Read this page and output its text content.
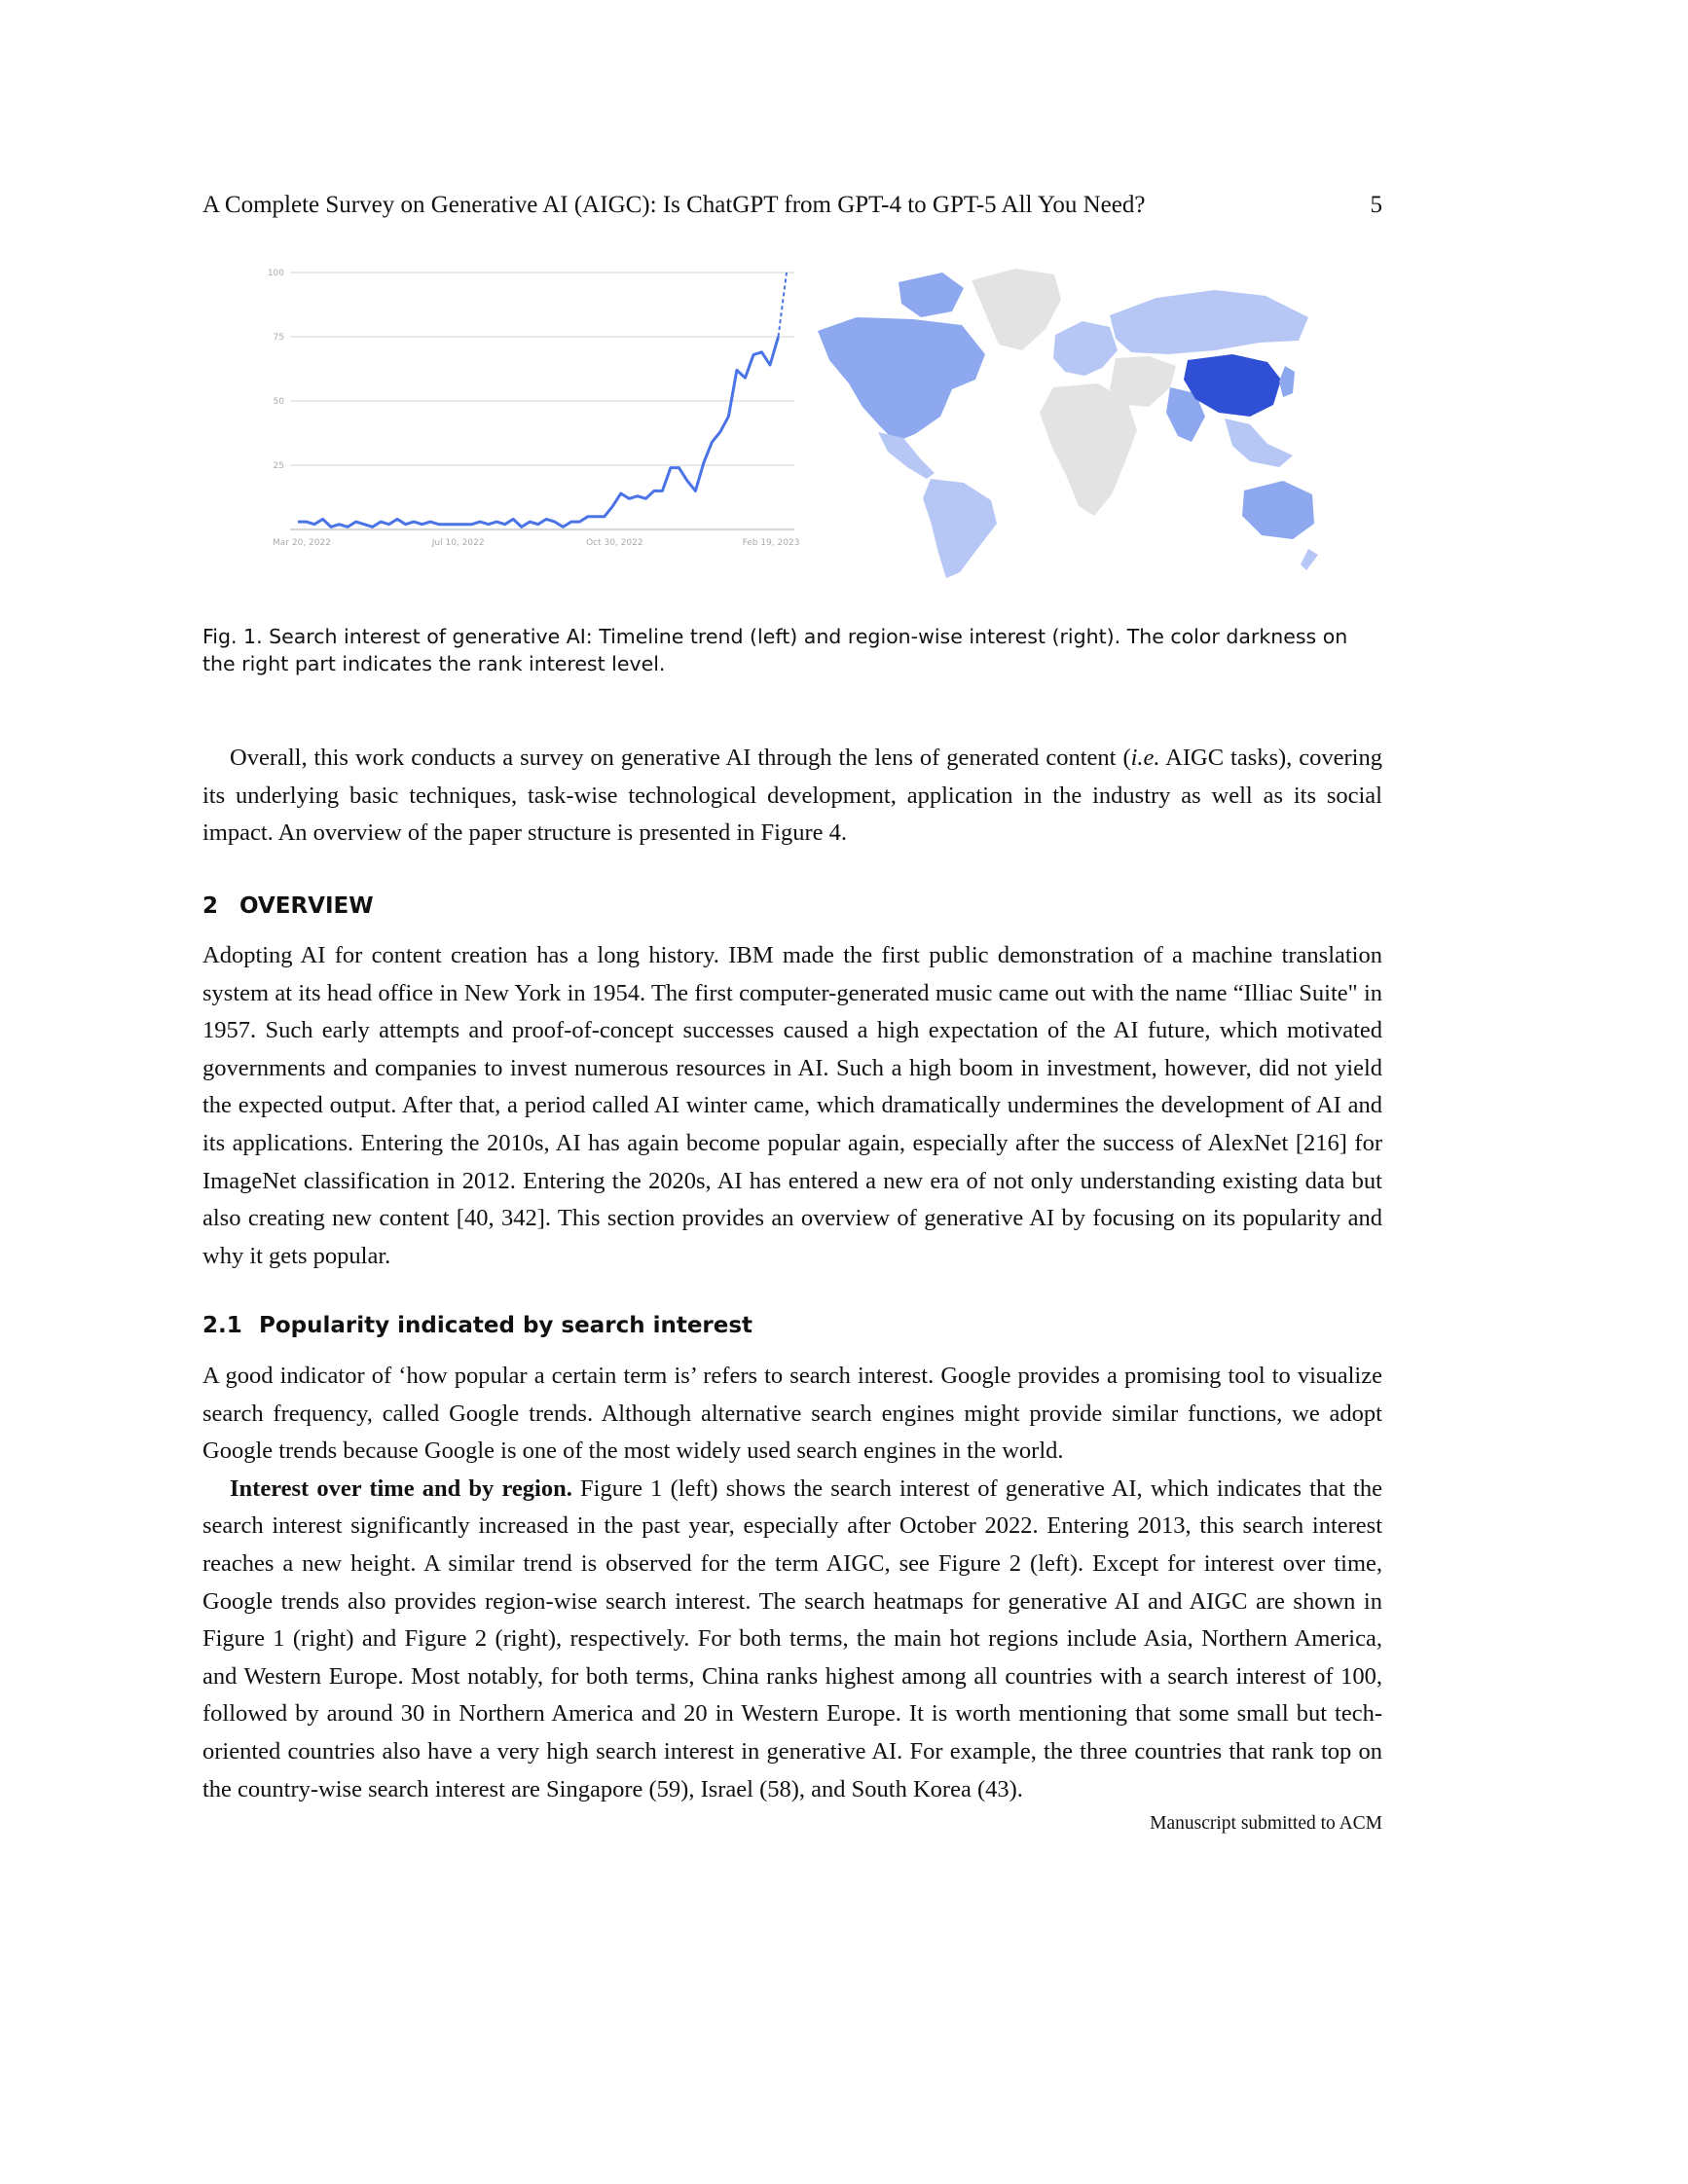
A Complete Survey on Generative AI (AIGC): Is ChatGPT from GPT-4 to GPT-5 All You Need?	5
100
75
50
25
Mar 20, 2022	Jul 10, 2022	Oct 30, 2022	Feb 19, 2023
Fig. 1. Search interest of generative AI: Timeline trend (left) and region-wise interest (right). The color darkness on the right part indicates the rank interest level.

Overall, this work conducts a survey on generative AI through the lens of generated content (i.e. AIGC tasks), covering its underlying basic techniques, task-wise technological development, application in the industry as well as its social impact. An overview of the paper structure is presented in Figure 4.

2 OVERVIEW

Adopting AI for content creation has a long history. IBM made the first public demonstration of a machine translation system at its head office in New York in 1954. The first computer-generated music came out with the name “Illiac Suite" in 1957. Such early attempts and proof-of-concept successes caused a high expectation of the AI future, which motivated governments and companies to invest numerous resources in AI. Such a high boom in investment, however, did not yield the expected output. After that, a period called AI winter came, which dramatically undermines the development of AI and its applications. Entering the 2010s, AI has again become popular again, especially after the success of AlexNet [216] for ImageNet classification in 2012. Entering the 2020s, AI has entered a new era of not only understanding existing data but also creating new content [40, 342]. This section provides an overview of generative AI by focusing on its popularity and why it gets popular.

2.1 Popularity indicated by search interest

A good indicator of ‘how popular a certain term is’ refers to search interest. Google provides a promising tool to visualize search frequency, called Google trends. Although alternative search engines might provide similar functions, we adopt Google trends because Google is one of the most widely used search engines in the world.

Interest over time and by region. Figure 1 (left) shows the search interest of generative AI, which indicates that the search interest significantly increased in the past year, especially after October 2022. Entering 2013, this search interest reaches a new height. A similar trend is observed for the term AIGC, see Figure 2 (left). Except for interest over time, Google trends also provides region-wise search interest. The search heatmaps for generative AI and AIGC are shown in Figure 1 (right) and Figure 2 (right), respectively. For both terms, the main hot regions include Asia, Northern America, and Western Europe. Most notably, for both terms, China ranks highest among all countries with a search interest of 100, followed by around 30 in Northern America and 20 in Western Europe. It is worth mentioning that some small but tech-oriented countries also have a very high search interest in generative AI. For example, the three countries that rank top on the country-wise search interest are Singapore (59), Israel (58), and South Korea (43).

Manuscript submitted to ACM
